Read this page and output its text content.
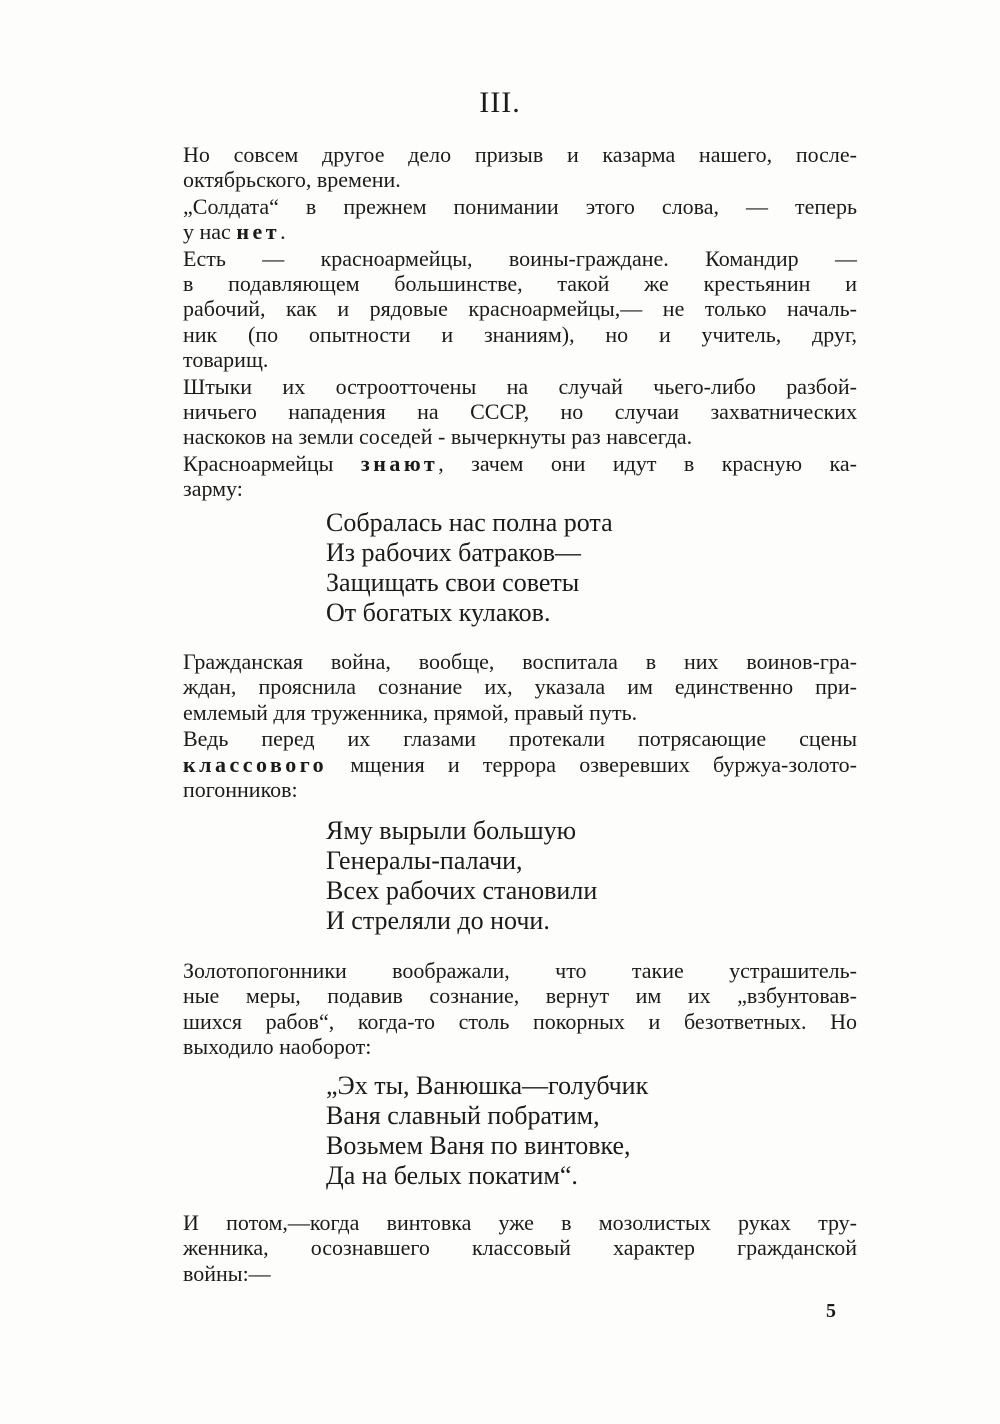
III.
Но совсем другое дело призыв и казарма нашего, после-
октябрьского, времени.
„Солдата“ в прежнем понимании этого слова, — теперь
у нас нет.
Есть — красноармейцы, воины-граждане. Командир —
в подавляющем большинстве, такой же крестьянин и
рабочий, как и рядовые красноармейцы,— не только началь-
ник (по опытности и знаниям), но и учитель, друг,
товарищ.
Штыки их остроотточены на случай чьего-либо разбой-
ничьего нападения на СССР, но случаи захватнических
наскоков на земли соседей - вычеркнуты раз навсегда.
Красноармейцы знают, зачем они идут в красную ка-
зарму:
Собралась нас полна рота
Из рабочих батраков—
Защищать свои советы
От богатых кулаков.
Гражданская война, вообще, воспитала в них воинов-гра-
ждан, прояснила сознание их, указала им единственно при-
емлемый для труженника, прямой, правый путь.
Ведь перед их глазами протекали потрясающие сцены
классового мщения и террора озверевших буржуа-золото-
погонников:
Яму вырыли большую
Генералы-палачи,
Всех рабочих становили
И стреляли до ночи.
Золотопогонники воображали, что такие устрашитель-
ные меры, подавив сознание, вернут им их „взбунтовав-
шихся рабов“, когда-то столь покорных и безответных. Но
выходило наоборот:
„Эх ты, Ванюшка—голубчик
Ваня славный побратим,
Возьмем Ваня по винтовке,
Да на белых покатим“.
И потом,—когда винтовка уже в мозолистых руках тру-
женника, осознавшего классовый характер гражданской
войны:—
5
